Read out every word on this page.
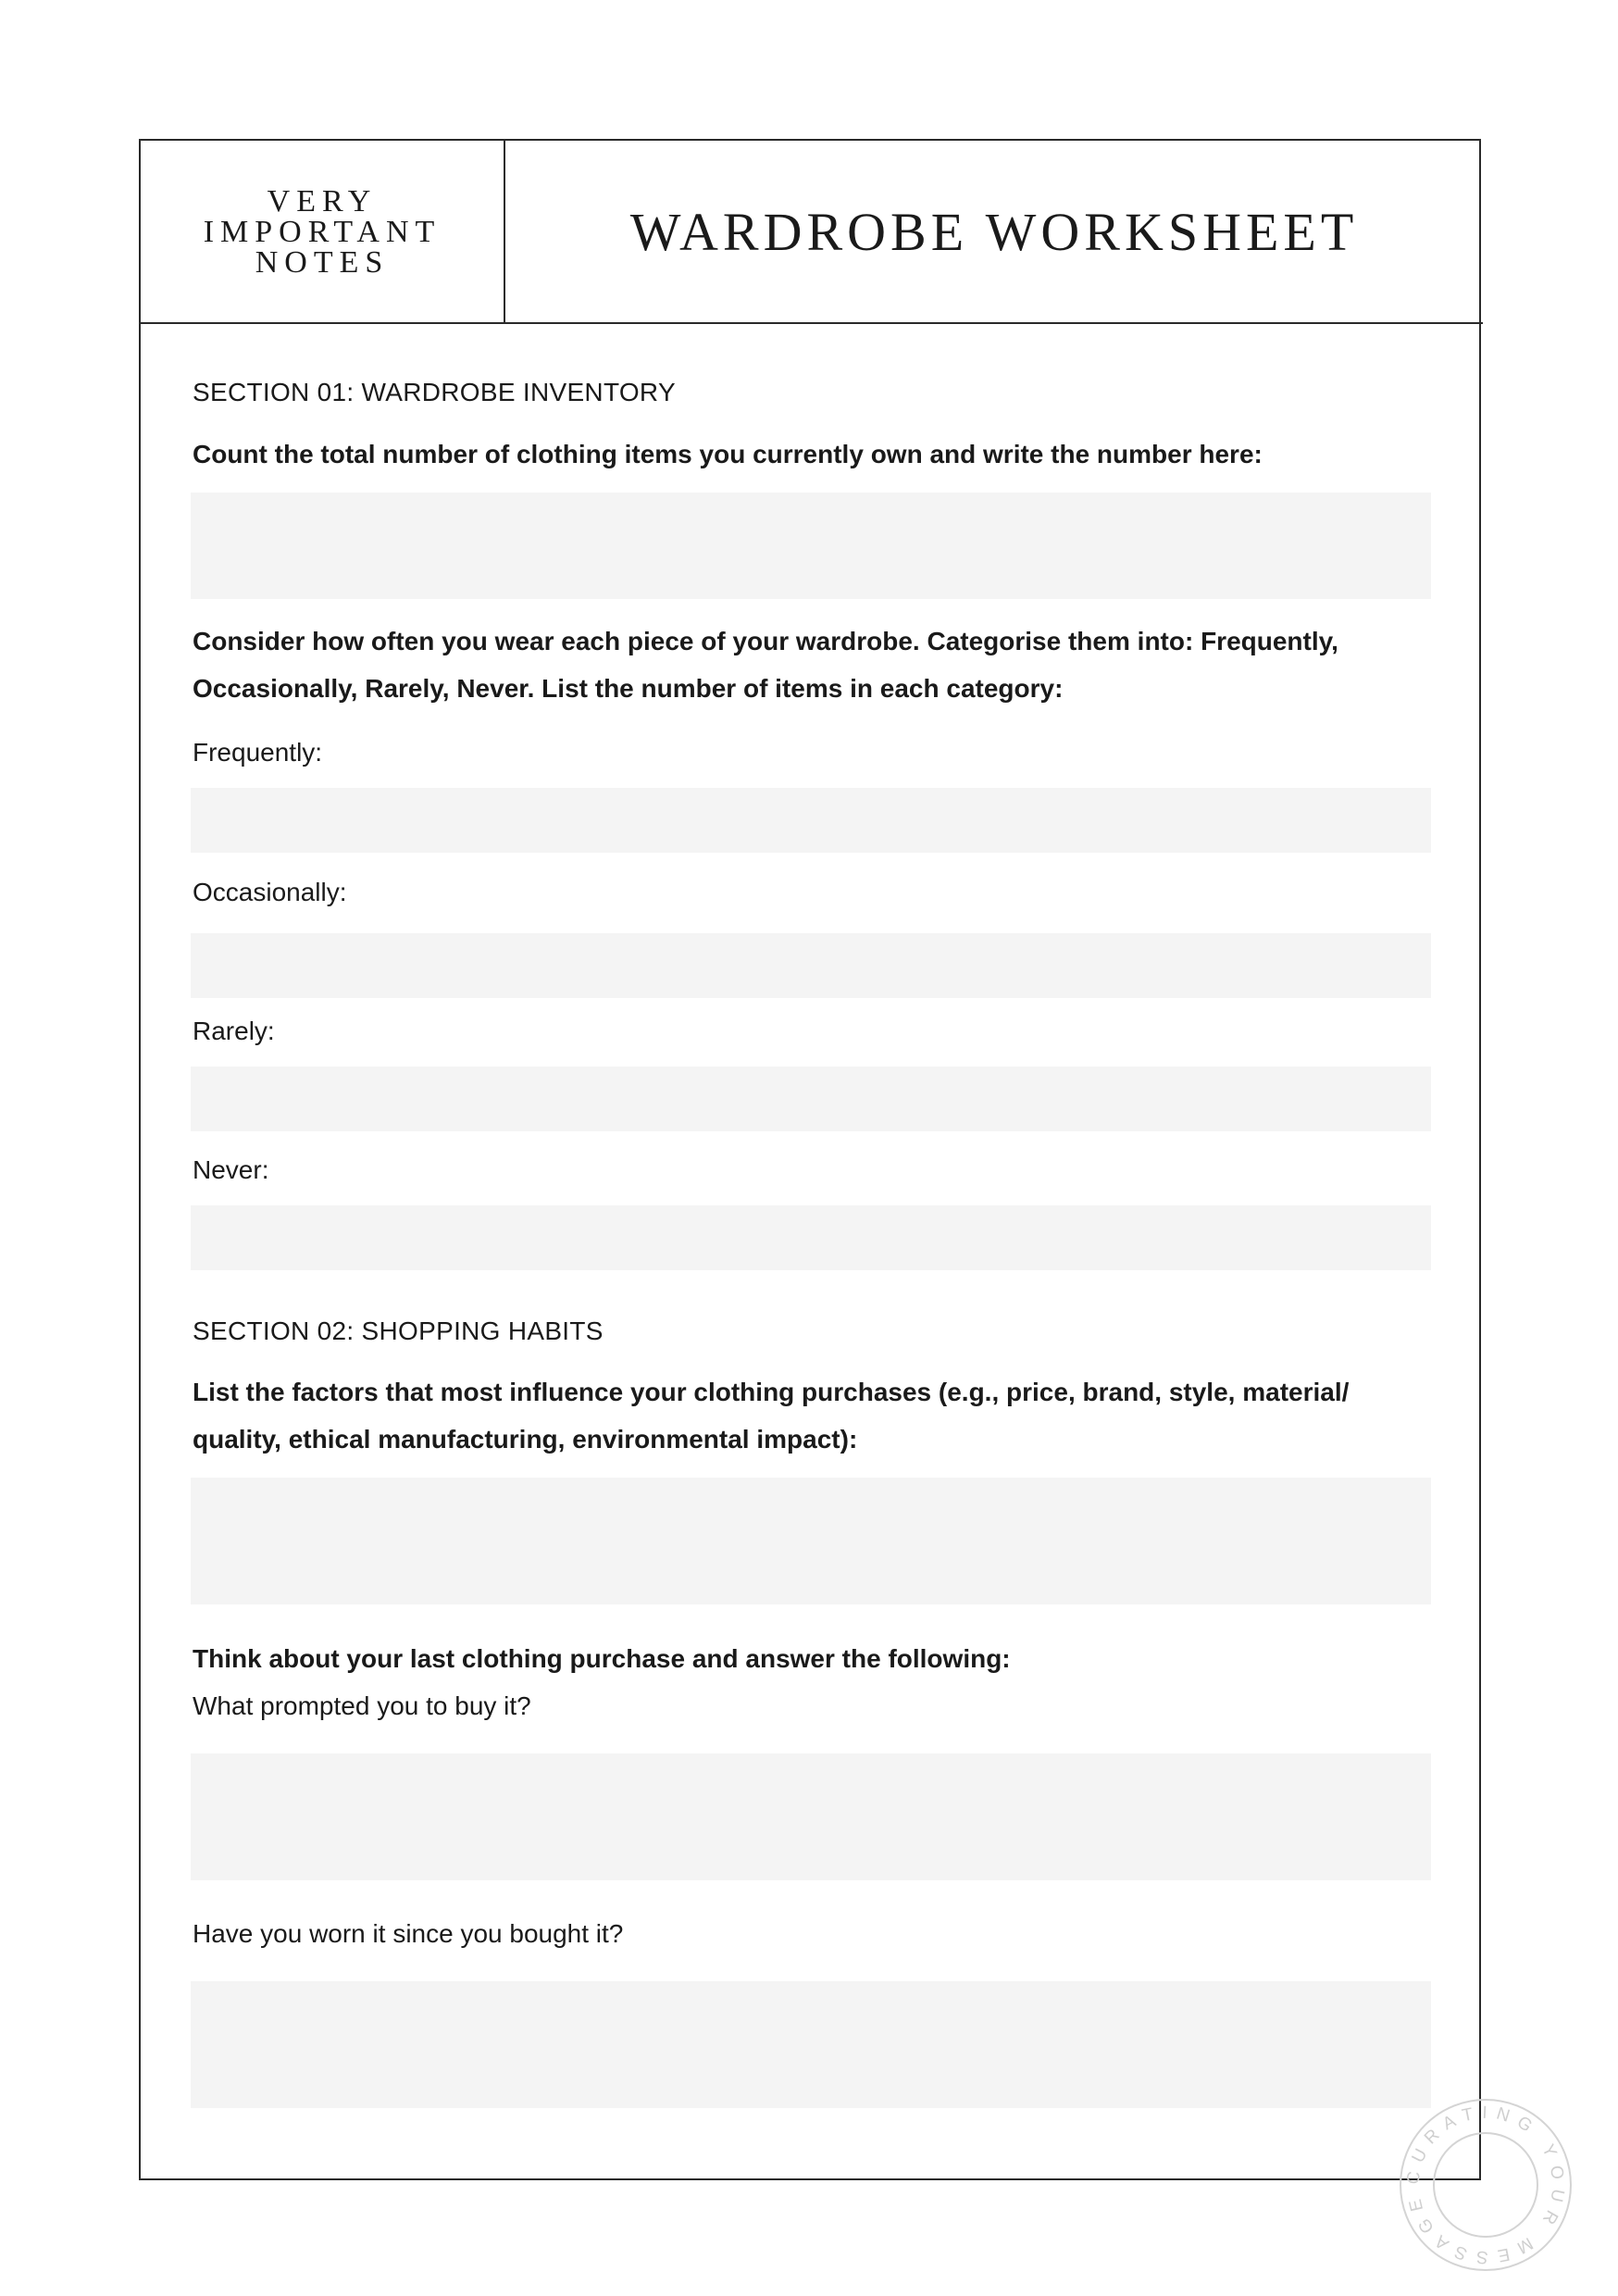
VERY
IMPORTANT
NOTES
WARDROBE WORKSHEET
SECTION 01: WARDROBE INVENTORY
Count the total number of clothing items you currently own and write the number here:
Consider how often you wear each piece of your wardrobe. Categorise them into: Frequently,
Occasionally, Rarely, Never. List the number of items in each category:
Frequently:
Occasionally:
Rarely:
Never:
SECTION 02: SHOPPING HABITS
List the factors that most influence your clothing purchases (e.g., price, brand, style, material/
quality, ethical manufacturing, environmental impact):
Think about your last clothing purchase and answer the following:
What prompted you to buy it?
Have you worn it since you bought it?
CURATING YOUR MESSAGE
